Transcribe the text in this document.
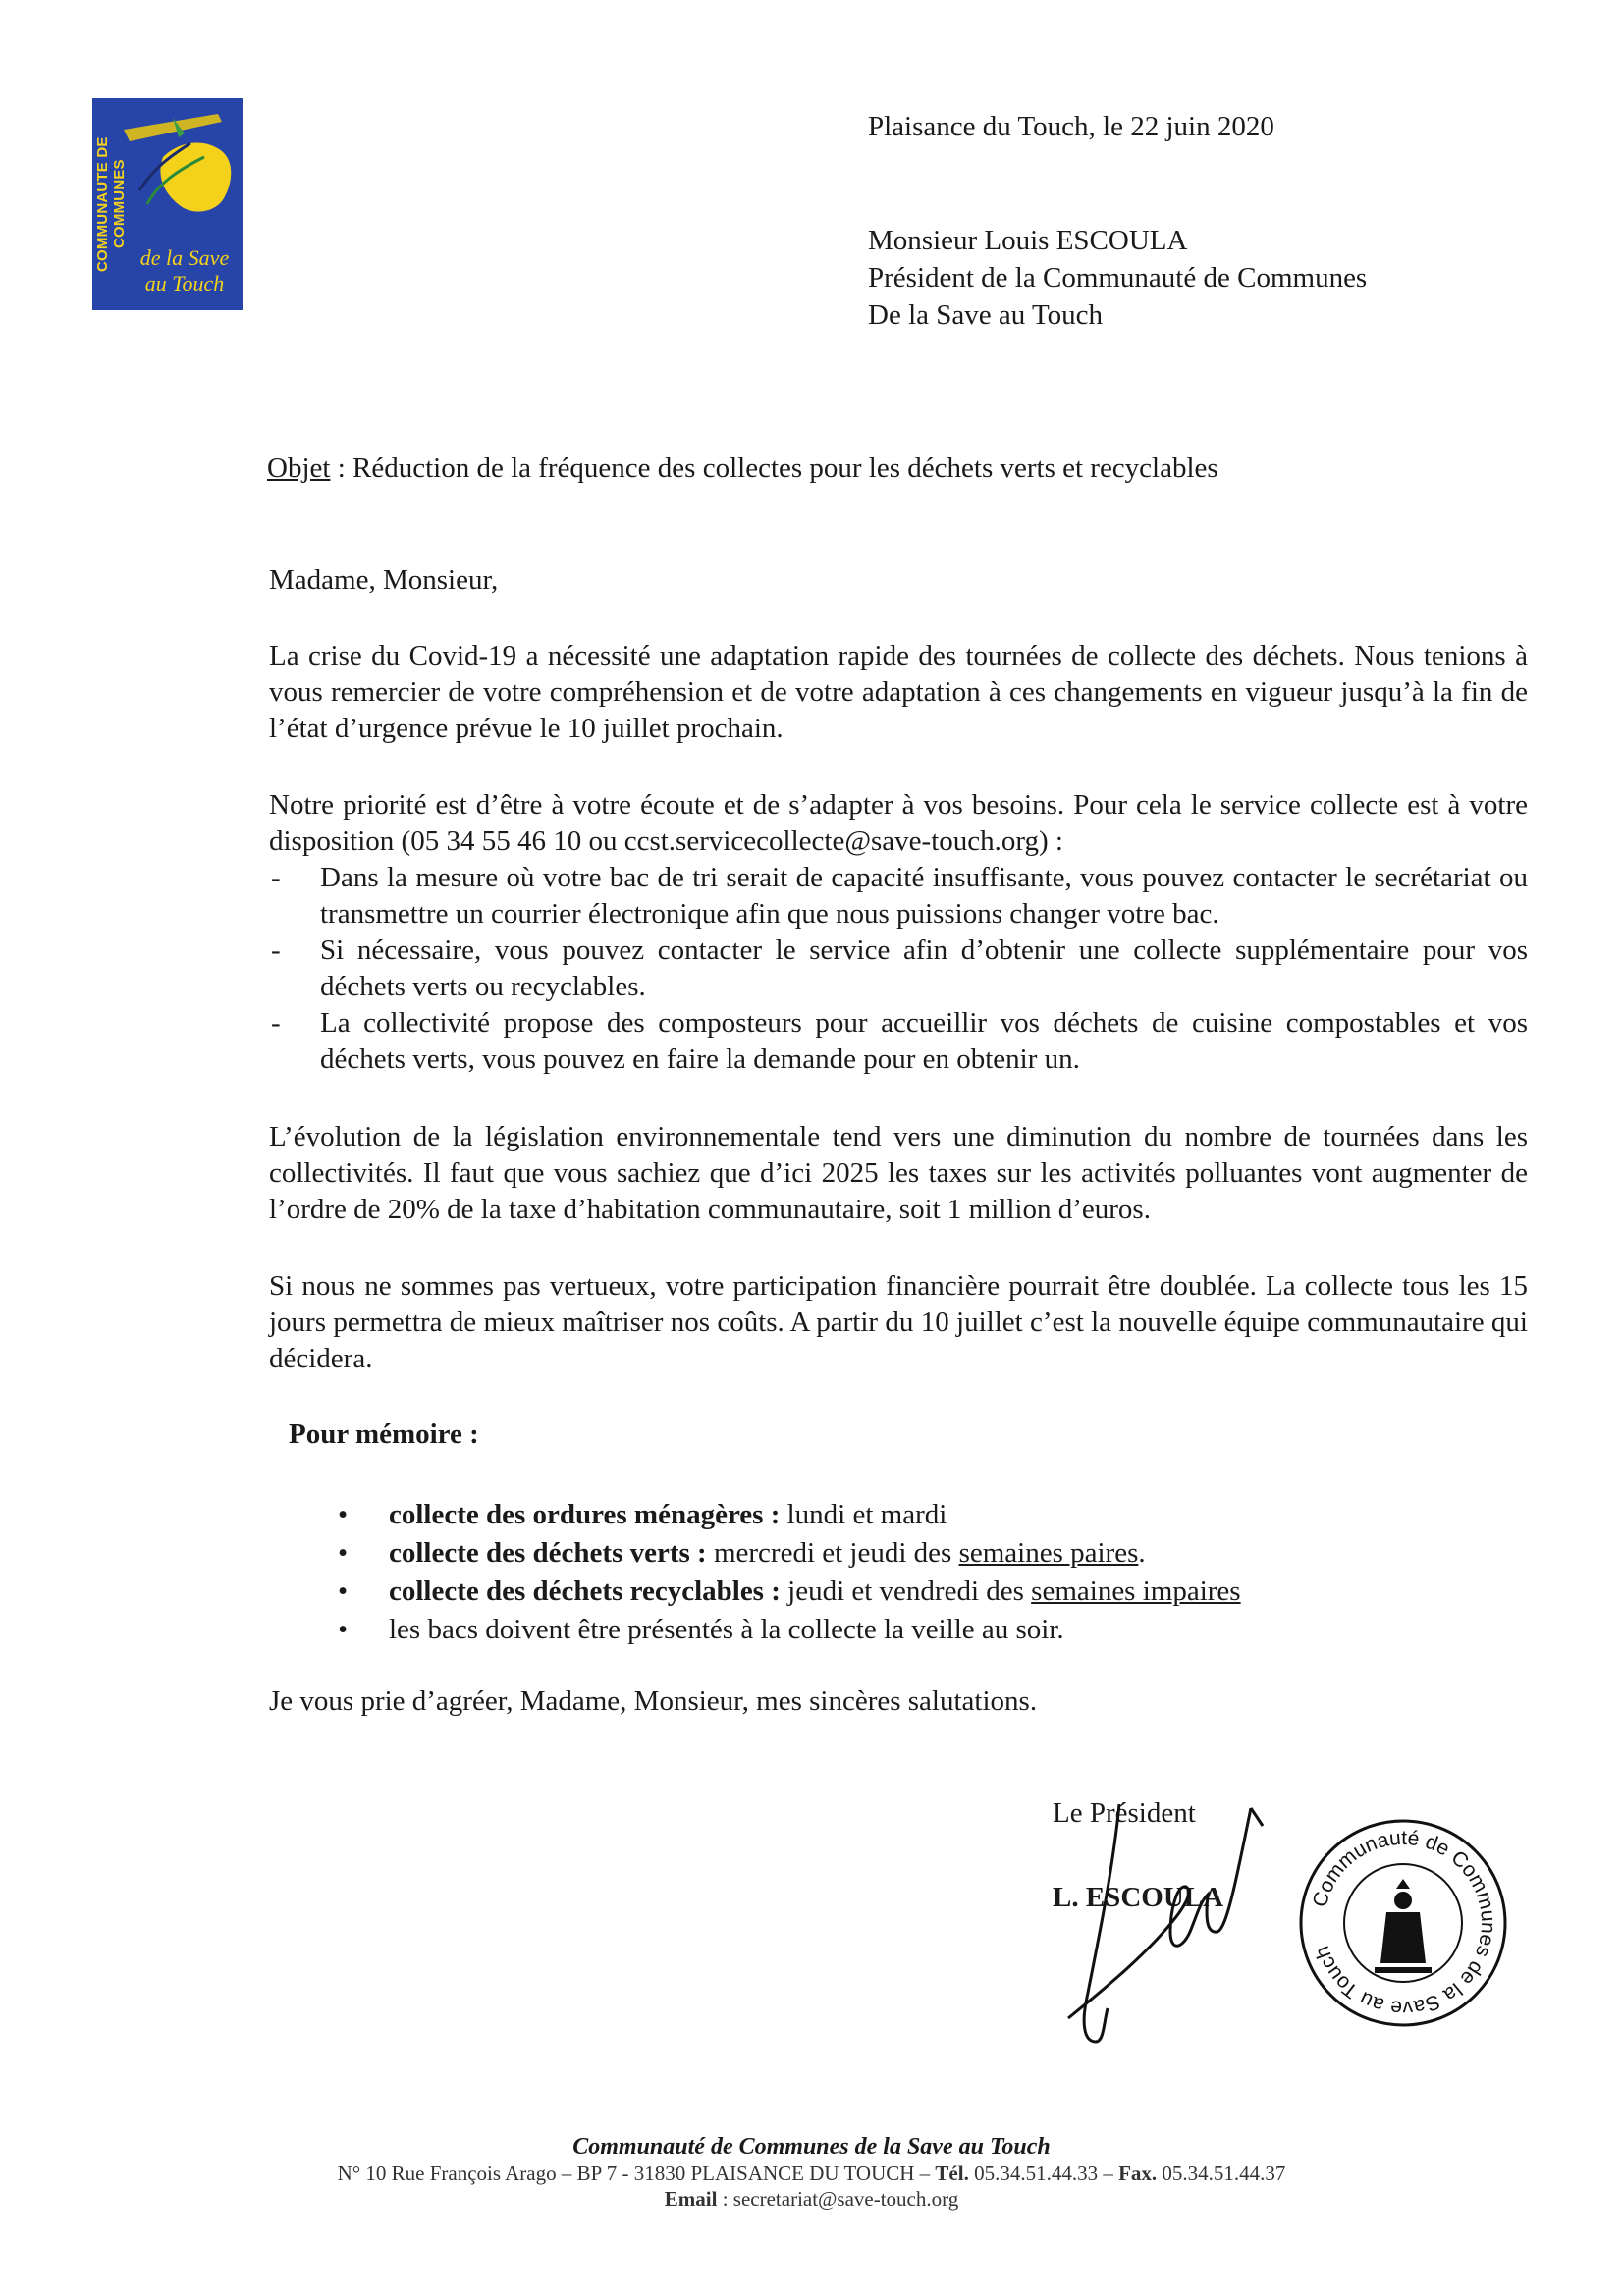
COMMUNAUTE DE COMMUNES
de la Save
au Touch
Plaisance du Touch, le 22 juin 2020
Monsieur Louis ESCOULA
Président de la Communauté de Communes
De la Save au Touch
Objet : Réduction de la fréquence des collectes pour les déchets verts et recyclables
Madame, Monsieur,

La crise du Covid-19 a nécessité une adaptation rapide des tournées de collecte des déchets. Nous tenions à vous remercier de votre compréhension et de votre adaptation à ces changements en vigueur jusqu’à la fin de l’état d’urgence prévue le 10 juillet prochain.

Notre priorité est d’être à votre écoute et de s’adapter à vos besoins. Pour cela le service collecte est à votre disposition (05 34 55 46 10 ou ccst.servicecollecte@save-touch.org) :

- Dans la mesure où votre bac de tri serait de capacité insuffisante, vous pouvez contacter le secrétariat ou transmettre un courrier électronique afin que nous puissions changer votre bac.
- Si nécessaire, vous pouvez contacter le service afin d’obtenir une collecte supplémentaire pour vos déchets verts ou recyclables.
- La collectivité propose des composteurs pour accueillir vos déchets de cuisine compostables et vos déchets verts, vous pouvez en faire la demande pour en obtenir un.

L’évolution de la législation environnementale tend vers une diminution du nombre de tournées dans les collectivités. Il faut que vous sachiez que d’ici 2025 les taxes sur les activités polluantes vont augmenter de l’ordre de 20% de la taxe d’habitation communautaire, soit 1 million d’euros.

Si nous ne sommes pas vertueux, votre participation financière pourrait être doublée. La collecte tous les 15 jours permettra de mieux maîtriser nos coûts. A partir du 10 juillet c’est la nouvelle équipe communautaire qui décidera.

Pour mémoire :
• collecte des ordures ménagères : lundi et mardi
• collecte des déchets verts : mercredi et jeudi des semaines paires.
• collecte des déchets recyclables : jeudi et vendredi des semaines impaires
• les bacs doivent être présentés à la collecte la veille au soir.
Je vous prie d’agréer, Madame, Monsieur, mes sincères salutations.
Le Président
L. ESCOULA	Communauté de Communes de la Save au Touch
Communauté de Communes de la Save au Touch
N° 10 Rue François Arago – BP 7 - 31830 PLAISANCE DU TOUCH – Tél. 05.34.51.44.33 – Fax. 05.34.51.44.37
Email : secretariat@save-touch.org
